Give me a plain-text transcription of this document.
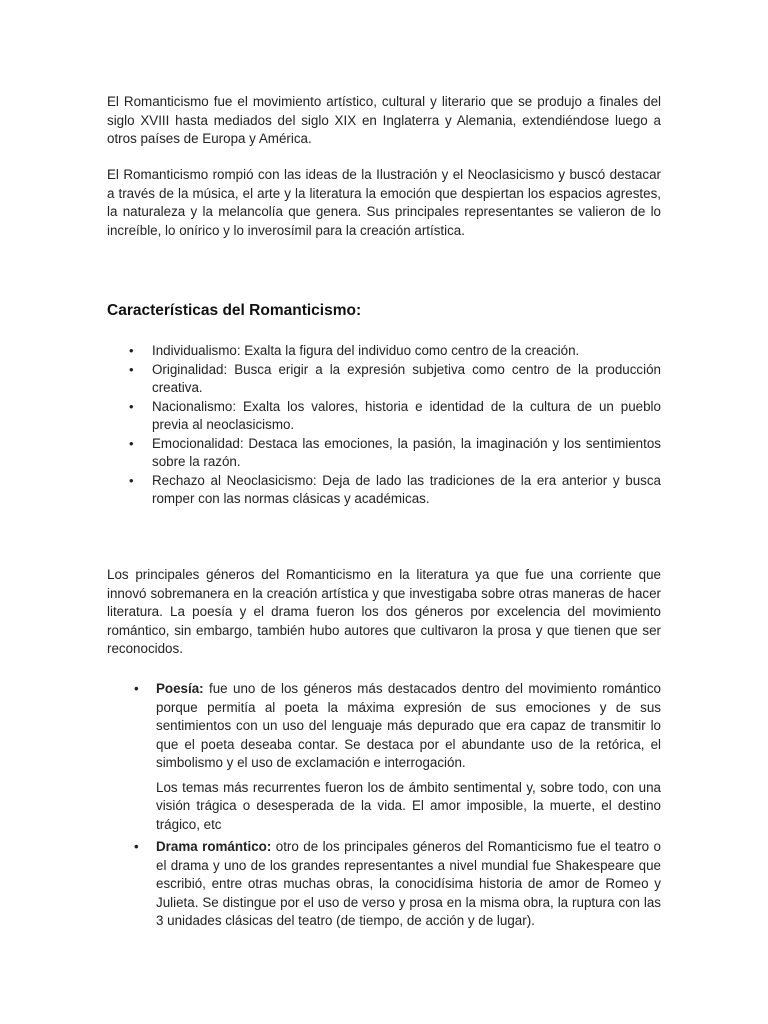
El Romanticismo fue el movimiento artístico, cultural y literario que se produjo a finales del siglo XVIII hasta mediados del siglo XIX en Inglaterra y Alemania, extendiéndose luego a otros países de Europa y América.

El Romanticismo rompió con las ideas de la Ilustración y el Neoclasicismo y buscó destacar a través de la música, el arte y la literatura la emoción que despiertan los espacios agrestes, la naturaleza y la melancolía que genera. Sus principales representantes se valieron de lo increíble, lo onírico y lo inverosímil para la creación artística.

Características del Romanticismo:
• Individualismo: Exalta la figura del individuo como centro de la creación.
• Originalidad: Busca erigir a la expresión subjetiva como centro de la producción creativa.
• Nacionalismo: Exalta los valores, historia e identidad de la cultura de un pueblo previa al neoclasicismo.
• Emocionalidad: Destaca las emociones, la pasión, la imaginación y los sentimientos sobre la razón.
• Rechazo al Neoclasicismo: Deja de lado las tradiciones de la era anterior y busca romper con las normas clásicas y académicas.

Los principales géneros del Romanticismo en la literatura ya que fue una corriente que innovó sobremanera en la creación artística y que investigaba sobre otras maneras de hacer literatura. La poesía y el drama fueron los dos géneros por excelencia del movimiento romántico, sin embargo, también hubo autores que cultivaron la prosa y que tienen que ser reconocidos.

• Poesía: fue uno de los géneros más destacados dentro del movimiento romántico porque permitía al poeta la máxima expresión de sus emociones y de sus sentimientos con un uso del lenguaje más depurado que era capaz de transmitir lo que el poeta deseaba contar. Se destaca por el abundante uso de la retórica, el simbolismo y el uso de exclamación e interrogación.

Los temas más recurrentes fueron los de ámbito sentimental y, sobre todo, con una visión trágica o desesperada de la vida. El amor imposible, la muerte, el destino trágico, etc

• Drama romántico: otro de los principales géneros del Romanticismo fue el teatro o el drama y uno de los grandes representantes a nivel mundial fue Shakespeare que escribió, entre otras muchas obras, la conocidísima historia de amor de Romeo y Julieta. Se distingue por el uso de verso y prosa en la misma obra, la ruptura con las 3 unidades clásicas del teatro (de tiempo, de acción y de lugar).
